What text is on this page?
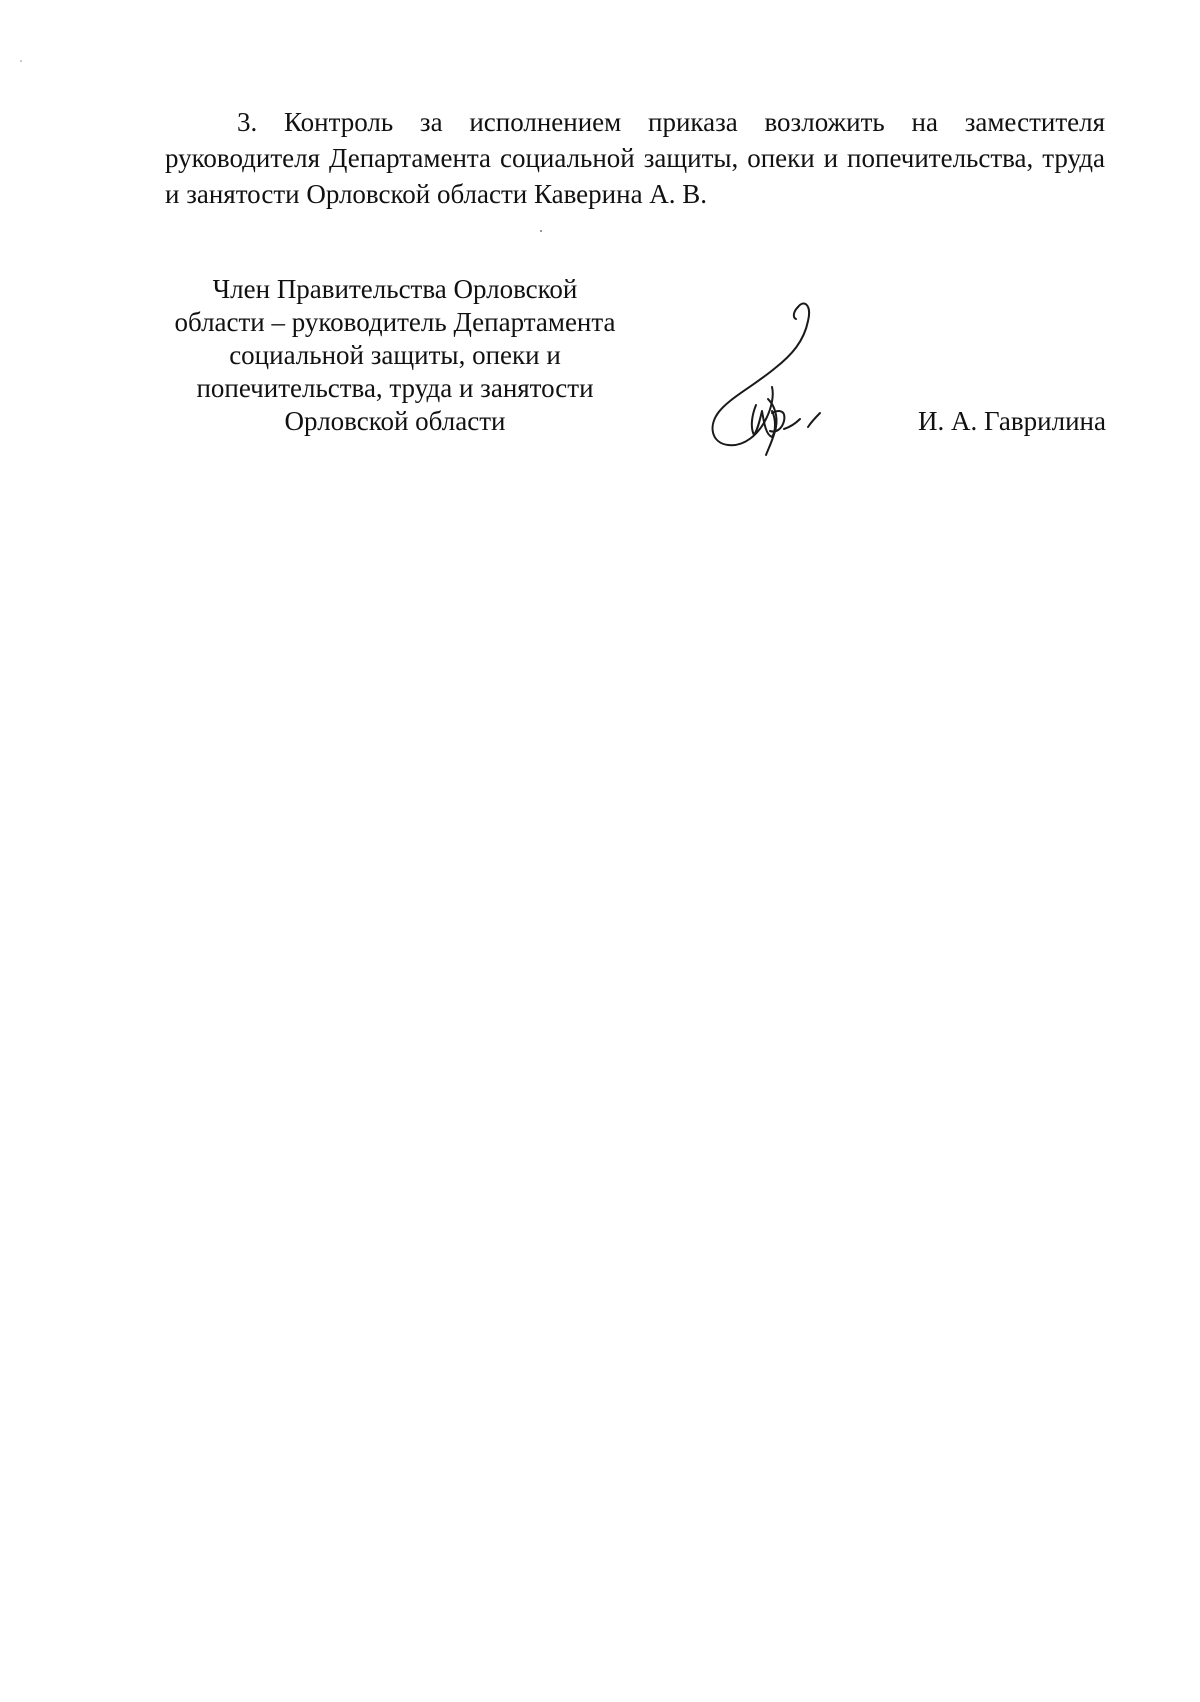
3. Контроль за исполнением приказа возложить на заместителя руководителя Департамента социальной защиты, опеки и попечительства, труда и занятости Орловской области Каверина А. В.

Член Правительства Орловской
области – руководитель Департамента
социальной защиты, опеки и
попечительства, труда и занятости
Орловской области	И. А. Гаврилина
